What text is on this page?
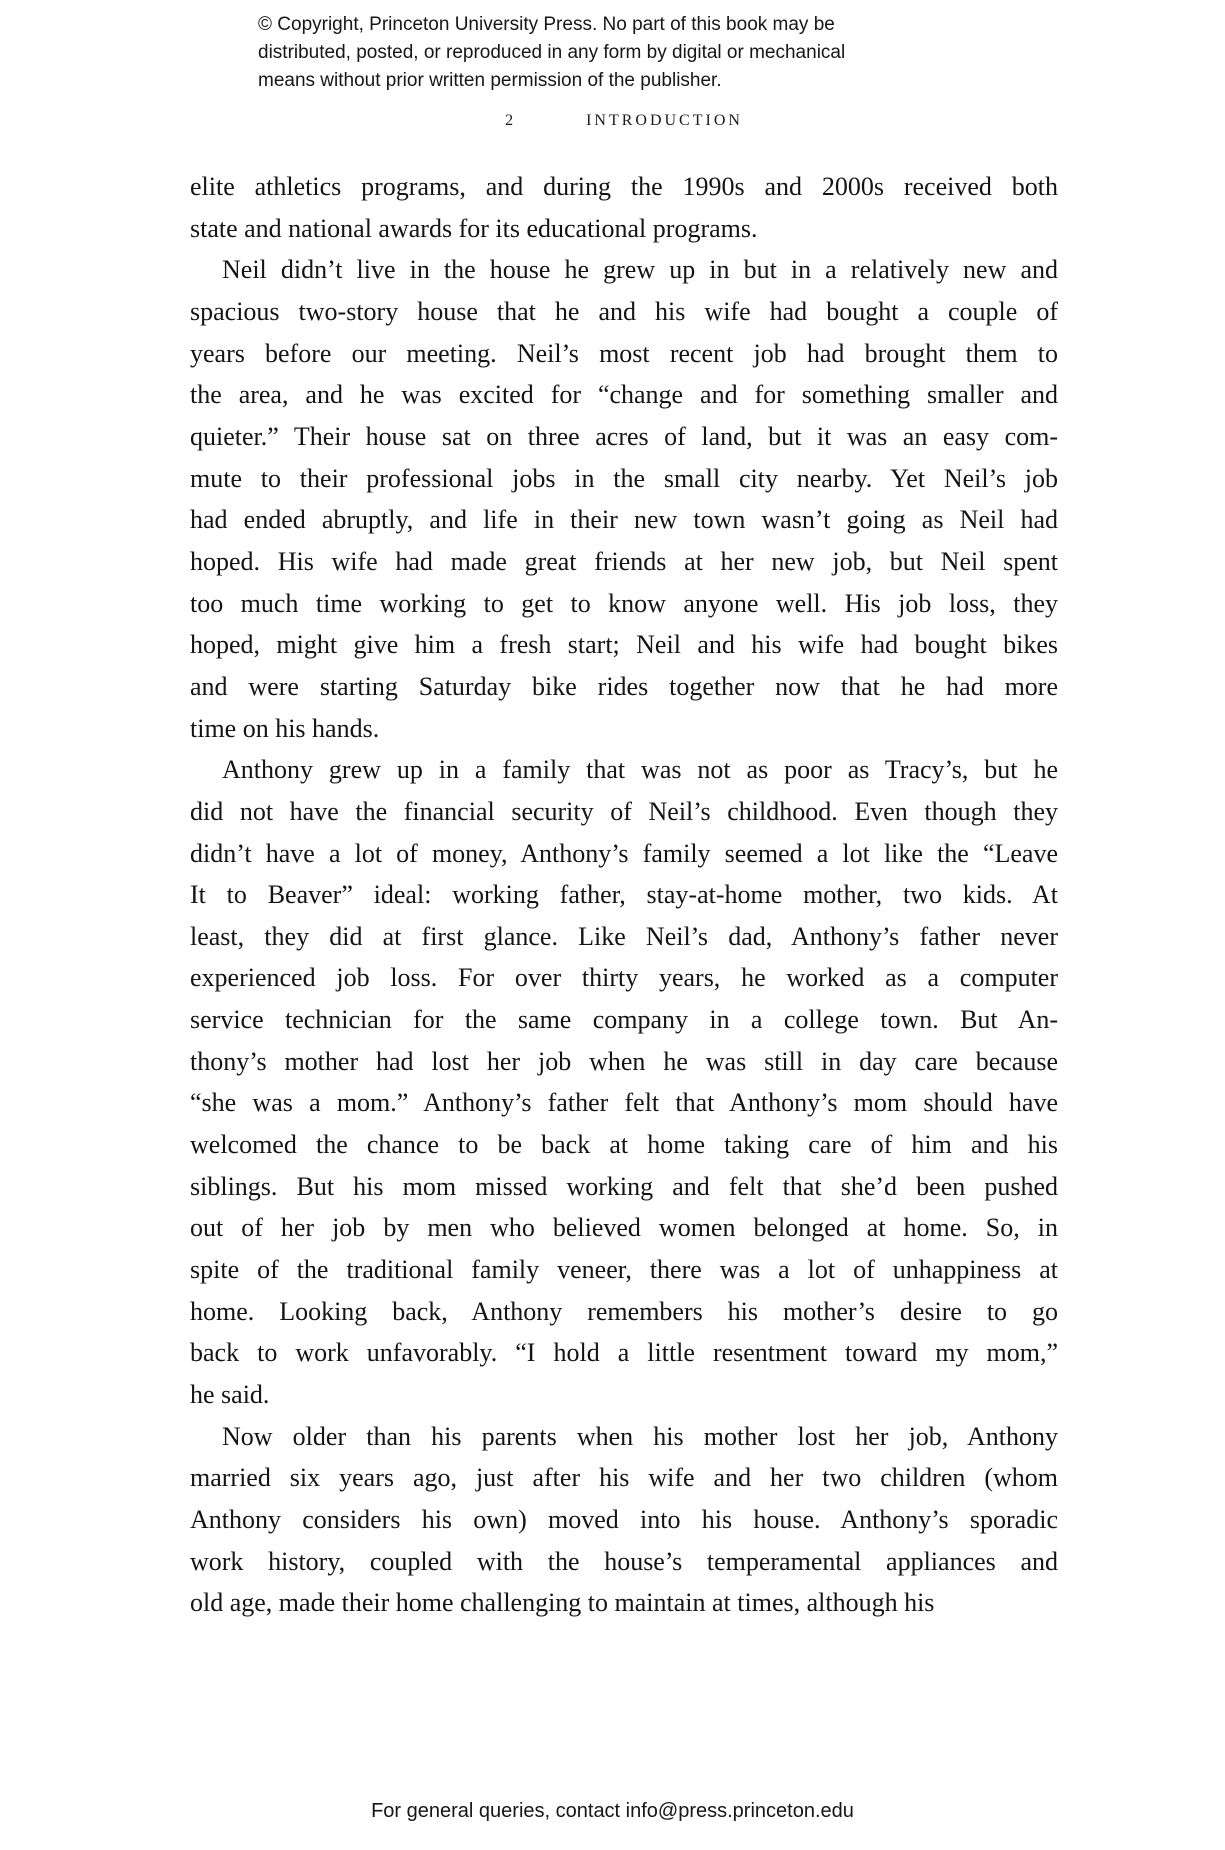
© Copyright, Princeton University Press. No part of this book may be
distributed, posted, or reproduced in any form by digital or mechanical
means without prior written permission of the publisher.
2	INTRODUCTION
elite athletics programs, and during the 1990s and 2000s received both
state and national awards for its educational programs.
Neil didn’t live in the house he grew up in but in a relatively new and
spacious two-story house that he and his wife had bought a couple of
years before our meeting. Neil’s most recent job had brought them to
the area, and he was excited for “change and for something smaller and
quieter.” Their house sat on three acres of land, but it was an easy com-
mute to their professional jobs in the small city nearby. Yet Neil’s job
had ended abruptly, and life in their new town wasn’t going as Neil had
hoped. His wife had made great friends at her new job, but Neil spent
too much time working to get to know anyone well. His job loss, they
hoped, might give him a fresh start; Neil and his wife had bought bikes
and were starting Saturday bike rides together now that he had more
time on his hands.
Anthony grew up in a family that was not as poor as Tracy’s, but he
did not have the financial security of Neil’s childhood. Even though they
didn’t have a lot of money, Anthony’s family seemed a lot like the “Leave
It to Beaver” ideal: working father, stay-at-home mother, two kids. At
least, they did at first glance. Like Neil’s dad, Anthony’s father never
experienced job loss. For over thirty years, he worked as a computer
service technician for the same company in a college town. But An-
thony’s mother had lost her job when he was still in day care because
“she was a mom.” Anthony’s father felt that Anthony’s mom should have
welcomed the chance to be back at home taking care of him and his
siblings. But his mom missed working and felt that she’d been pushed
out of her job by men who believed women belonged at home. So, in
spite of the traditional family veneer, there was a lot of unhappiness at
home. Looking back, Anthony remembers his mother’s desire to go
back to work unfavorably. “I hold a little resentment toward my mom,”
he said.
Now older than his parents when his mother lost her job, Anthony
married six years ago, just after his wife and her two children (whom
Anthony considers his own) moved into his house. Anthony’s sporadic
work history, coupled with the house’s temperamental appliances and
old age, made their home challenging to maintain at times, although his
For general queries, contact info@press.princeton.edu
